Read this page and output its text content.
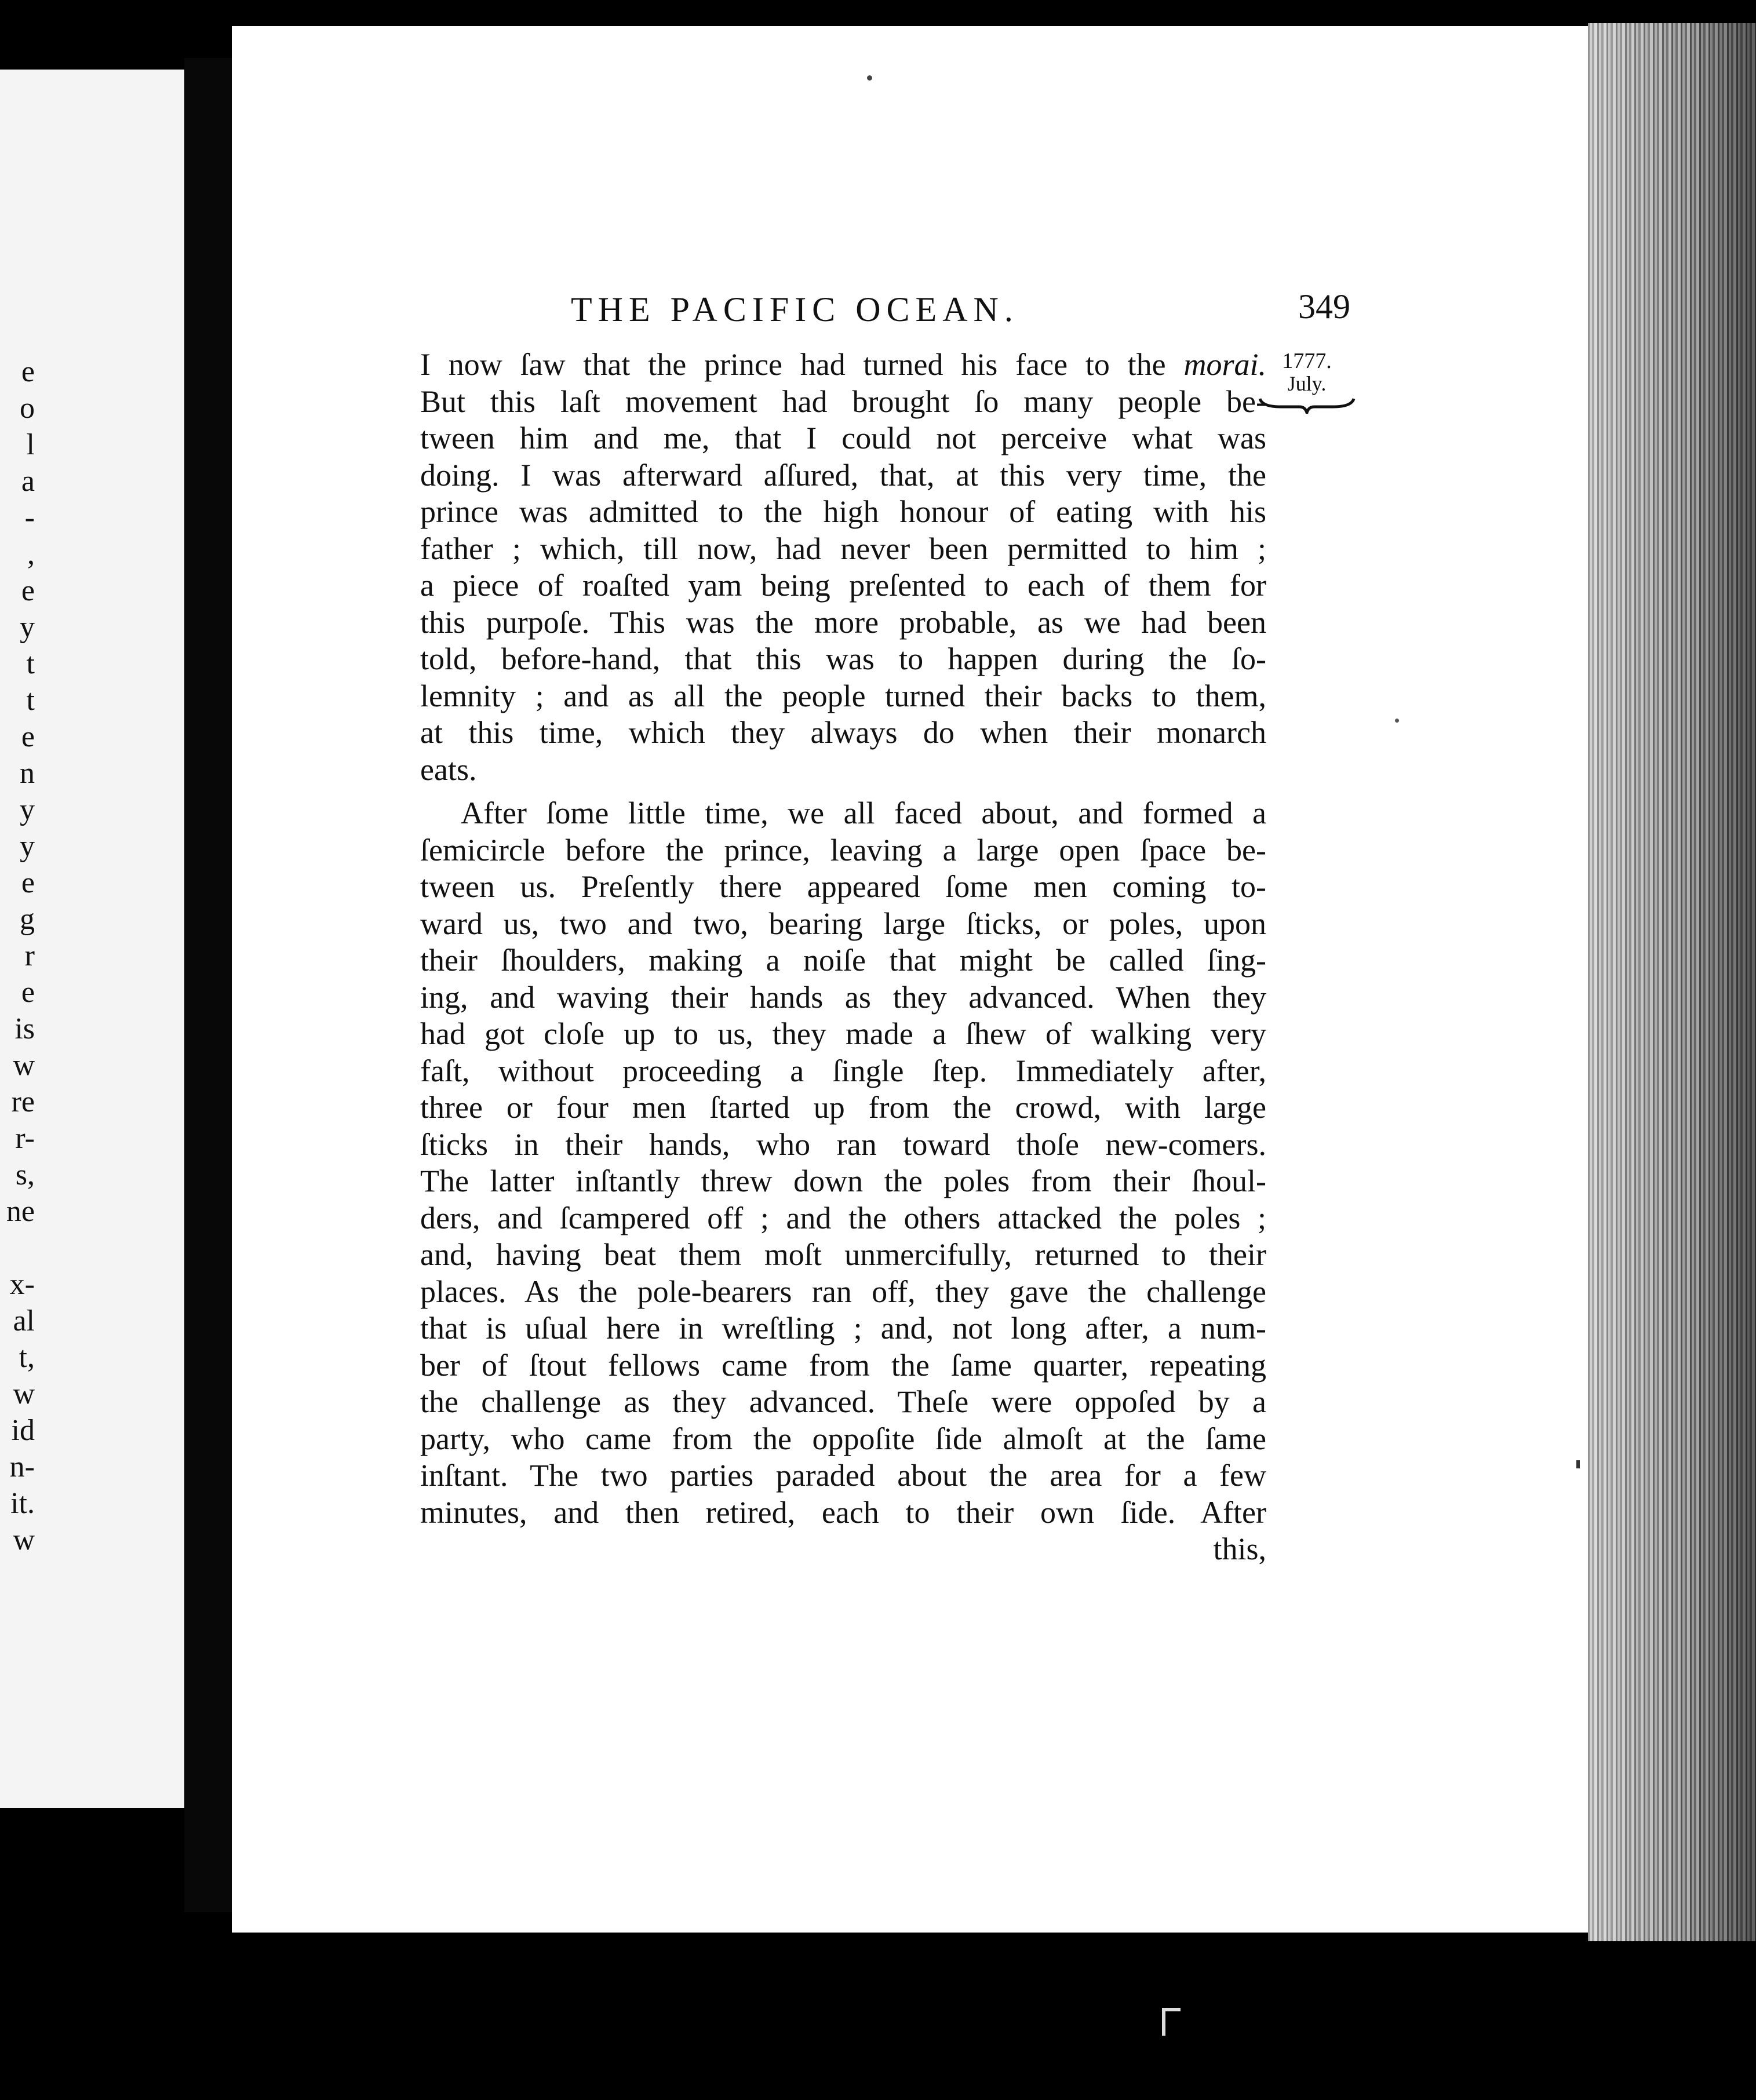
e
o
l
a
-
,
e
y
t
t
e
n
y
y
e
g
r
e
is
w
re
r-
s,
ne

x-
al
t,
w
id
n-
it.
w
THE PACIFIC OCEAN.	349
1777.
July.
I now ſaw that the prince had turned his face to the morai.
But this laſt movement had brought ſo many people be-
tween him and me, that I could not perceive what was
doing. I was afterward aſſured, that, at this very time, the
prince was admitted to the high honour of eating with his
father ; which, till now, had never been permitted to him ;
a piece of roaſted yam being preſented to each of them for
this purpoſe. This was the more probable, as we had been
told, before-hand, that this was to happen during the ſo-
lemnity ; and as all the people turned their backs to them,
at this time, which they always do when their monarch
eats.
After ſome little time, we all faced about, and formed a
ſemicircle before the prince, leaving a large open ſpace be-
tween us. Preſently there appeared ſome men coming to-
ward us, two and two, bearing large ſticks, or poles, upon
their ſhoulders, making a noiſe that might be called ſing-
ing, and waving their hands as they advanced. When they
had got cloſe up to us, they made a ſhew of walking very
faſt, without proceeding a ſingle ſtep. Immediately after,
three or four men ſtarted up from the crowd, with large
ſticks in their hands, who ran toward thoſe new-comers.
The latter inſtantly threw down the poles from their ſhoul-
ders, and ſcampered off ; and the others attacked the poles ;
and, having beat them moſt unmercifully, returned to their
places. As the pole-bearers ran off, they gave the challenge
that is uſual here in wreſtling ; and, not long after, a num-
ber of ſtout fellows came from the ſame quarter, repeating
the challenge as they advanced. Theſe were oppoſed by a
party, who came from the oppoſite ſide almoſt at the ſame
inſtant. The two parties paraded about the area for a few
minutes, and then retired, each to their own ſide. After
this,
